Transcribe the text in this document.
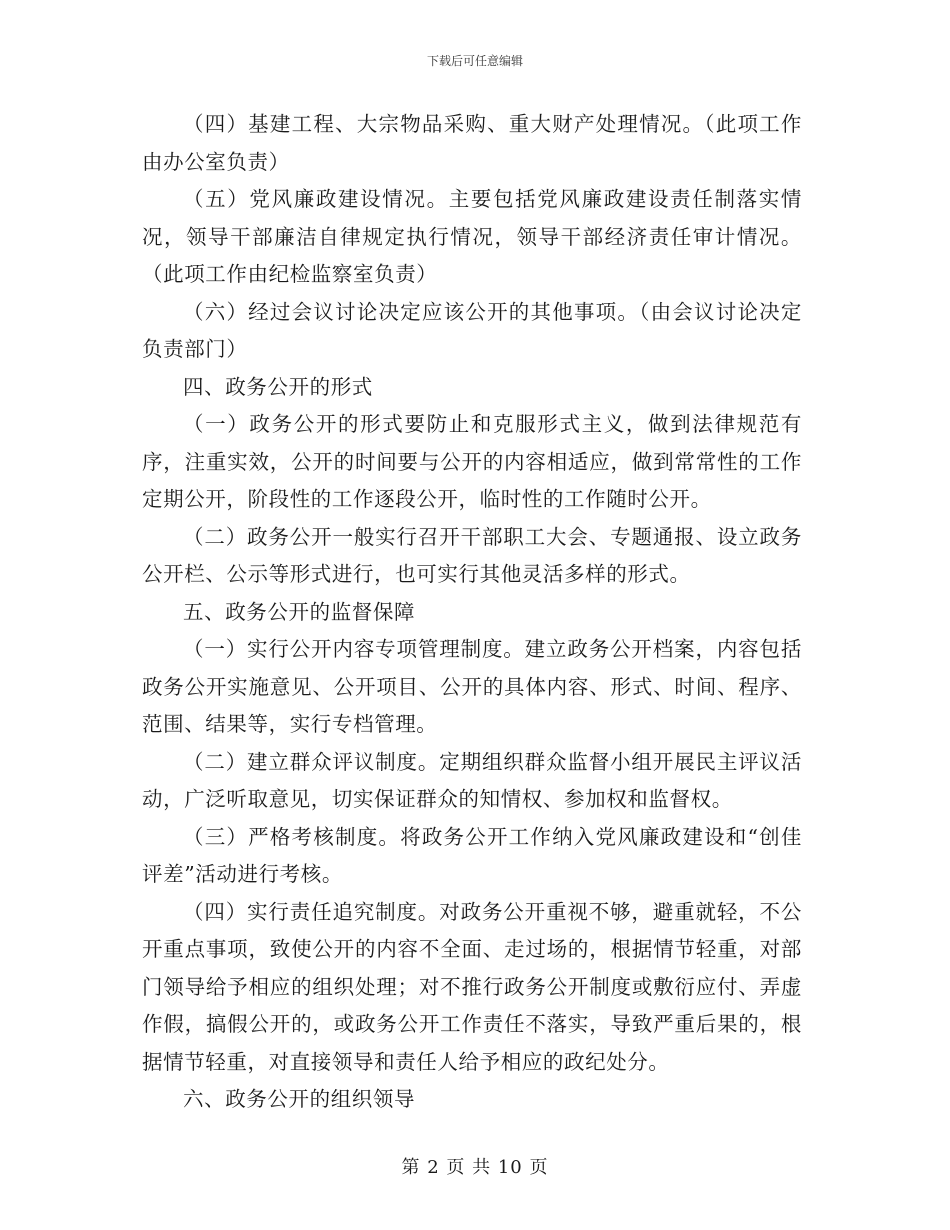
下载后可任意编辑

（四）基建工程、大宗物品采购、重大财产处理情况。（此项工作由办公室负责）

（五）党风廉政建设情况。主要包括党风廉政建设责任制落实情况，领导干部廉洁自律规定执行情况，领导干部经济责任审计情况。（此项工作由纪检监察室负责）

（六）经过会议讨论决定应该公开的其他事项。（由会议讨论决定负责部门）

四、政务公开的形式

（一）政务公开的形式要防止和克服形式主义，做到法律规范有序，注重实效，公开的时间要与公开的内容相适应，做到常常性的工作定期公开，阶段性的工作逐段公开，临时性的工作随时公开。

（二）政务公开一般实行召开干部职工大会、专题通报、设立政务公开栏、公示等形式进行，也可实行其他灵活多样的形式。

五、政务公开的监督保障

（一）实行公开内容专项管理制度。建立政务公开档案，内容包括政务公开实施意见、公开项目、公开的具体内容、形式、时间、程序、范围、结果等，实行专档管理。

（二）建立群众评议制度。定期组织群众监督小组开展民主评议活动，广泛听取意见，切实保证群众的知情权、参加权和监督权。

（三）严格考核制度。将政务公开工作纳入党风廉政建设和“创佳评差”活动进行考核。

（四）实行责任追究制度。对政务公开重视不够，避重就轻，不公开重点事项，致使公开的内容不全面、走过场的，根据情节轻重，对部门领导给予相应的组织处理；对不推行政务公开制度或敷衍应付、弄虚作假，搞假公开的，或政务公开工作责任不落实，导致严重后果的，根据情节轻重，对直接领导和责任人给予相应的政纪处分。

六、政务公开的组织领导

第 2 页 共 10 页
